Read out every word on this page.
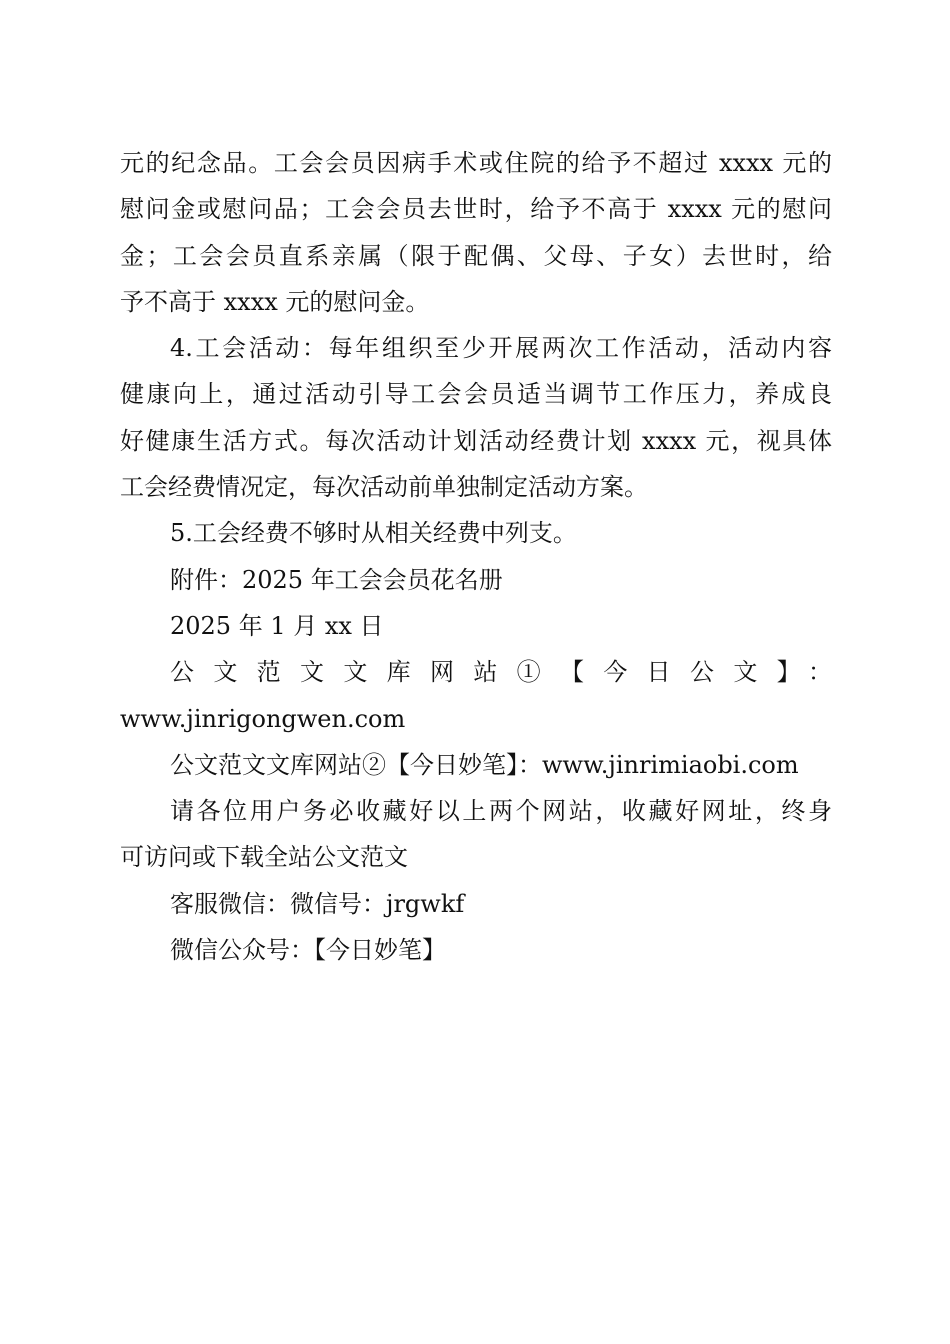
元的纪念品。工会会员因病手术或住院的给予不超过 xxxx 元的
慰问金或慰问品；工会会员去世时，给予不高于 xxxx 元的慰问
金；工会会员直系亲属（限于配偶、父母、子女）去世时，给
予不高于 xxxx 元的慰问金。
4.工会活动：每年组织至少开展两次工作活动，活动内容
健康向上，通过活动引导工会会员适当调节工作压力，养成良
好健康生活方式。每次活动计划活动经费计划 xxxx 元，视具体
工会经费情况定，每次活动前单独制定活动方案。
5.工会经费不够时从相关经费中列支。
附件：2025 年工会会员花名册
2025 年 1 月 xx 日
公文范文文库网站①【今日公文】：
www.jinrigongwen.com
公文范文文库网站②【今日妙笔】：www.jinrimiaobi.com
请各位用户务必收藏好以上两个网站，收藏好网址，终身
可访问或下载全站公文范文
客服微信：微信号：jrgwkf
微信公众号：【今日妙笔】
